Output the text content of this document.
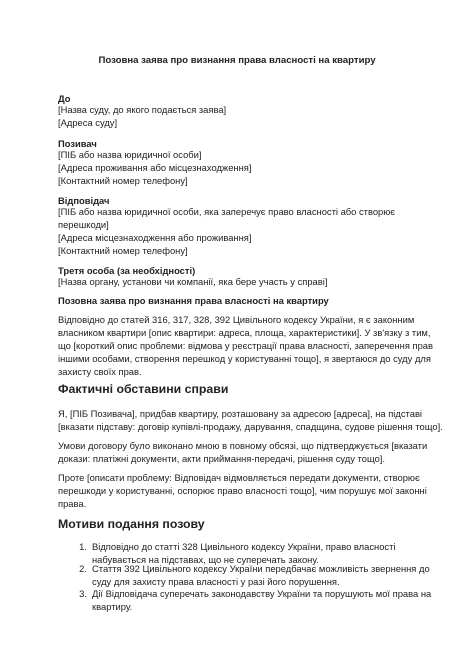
Позовна заява про визнання права власності на квартиру
До
[Назва суду, до якого подається заява]
[Адреса суду]
Позивач
[ПІБ або назва юридичної особи]
[Адреса проживання або місцезнаходження]
[Контактний номер телефону]
Відповідач
[ПІБ або назва юридичної особи, яка заперечує право власності або створює
перешкоди]
[Адреса місцезнаходження або проживання]
[Контактний номер телефону]
Третя особа (за необхідності)
[Назва органу, установи чи компанії, яка бере участь у справі]
Позовна заява про визнання права власності на квартиру
Відповідно до статей 316, 317, 328, 392 Цивільного кодексу України, я є законним
власником квартири [опис квартири: адреса, площа, характеристики]. У зв'язку з тим,
що [короткий опис проблеми: відмова у реєстрації права власності, заперечення прав
іншими особами, створення перешкод у користуванні тощо], я звертаюся до суду для
захисту своїх прав.
Фактичні обставини справи
Я, [ПІБ Позивача], придбав квартиру, розташовану за адресою [адреса], на підставі
[вказати підставу: договір купівлі-продажу, дарування, спадщина, судове рішення тощо].
Умови договору було виконано мною в повному обсязі, що підтверджується [вказати
докази: платіжні документи, акти приймання-передачі, рішення суду тощо].
Проте [описати проблему: Відповідач відмовляється передати документи, створює
перешкоди у користуванні, оспорює право власності тощо], чим порушує мої законні
права.
Мотиви подання позову
1. Відповідно до статті 328 Цивільного кодексу України, право власності
набувається на підставах, що не суперечать закону.
2. Стаття 392 Цивільного кодексу України передбачає можливість звернення до
суду для захисту права власності у разі його порушення.
3. Дії Відповідача суперечать законодавству України та порушують мої права на
квартиру.
